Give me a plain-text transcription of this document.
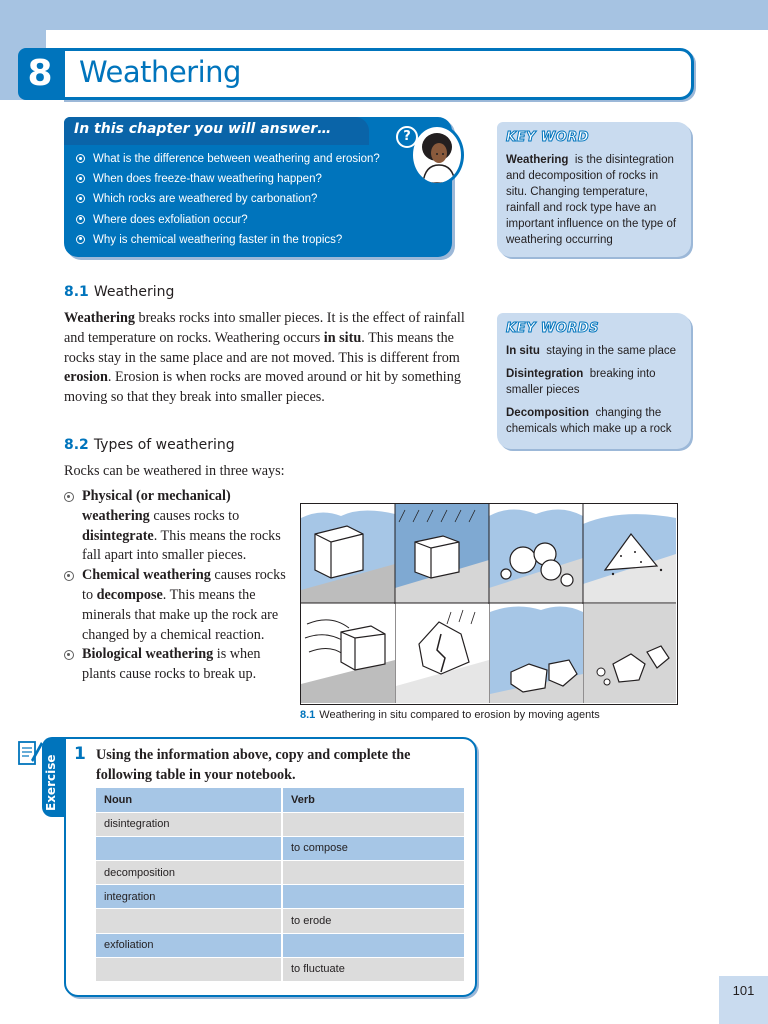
8 Weathering
In this chapter you will answer…
What is the difference between weathering and erosion?
When does freeze-thaw weathering happen?
Which rocks are weathered by carbonation?
Where does exfoliation occur?
Why is chemical weathering faster in the tropics?
?	KEY WORD

Weathering is the disintegration and decomposition of rocks in situ. Changing temperature, rainfall and rock type have an important influence on the type of weathering occurring

KEY WORDS

In situ staying in the same place

Disintegration breaking into smaller pieces

Decomposition changing the chemicals which make up a rock

8.1 Weathering

Weathering breaks rocks into smaller pieces. It is the effect of rainfall and temperature on rocks. Weathering occurs in situ. This means the rocks stay in the same place and are not moved. This is different from erosion. Erosion is when rocks are moved around or hit by something moving so that they break into smaller pieces.

8.2 Types of weathering

Rocks can be weathered in three ways:

Physical (or mechanical) weathering causes rocks to disintegrate. This means the rocks fall apart into smaller pieces.
Chemical weathering causes rocks to decompose. This means the minerals that make up the rock are changed by a chemical reaction.
Biological weathering is when plants cause rocks to break up.
8.1 Weathering in situ compared to erosion by moving agents
Exercise
1 Using the information above, copy and complete the following table in your notebook.

Noun	Verb
disintegration	
	to compose
decomposition	
integration	
	to erode
exfoliation	
	to fluctuate
101
